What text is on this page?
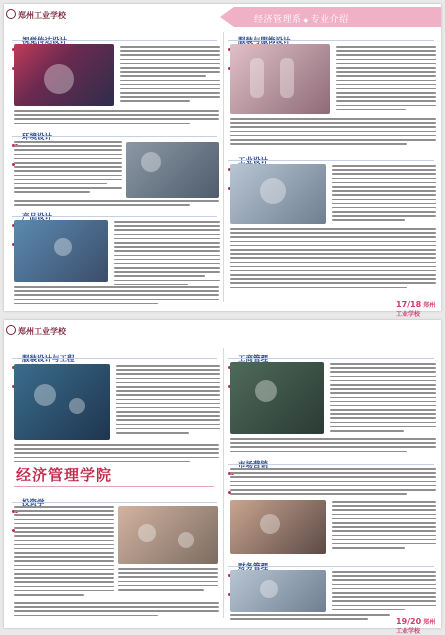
郑州工业学校	经济管理系 ◆ 专业介绍
17/18 郑州工业学校
郑州工业学校
经济管理学院
19/20 郑州工业学校
